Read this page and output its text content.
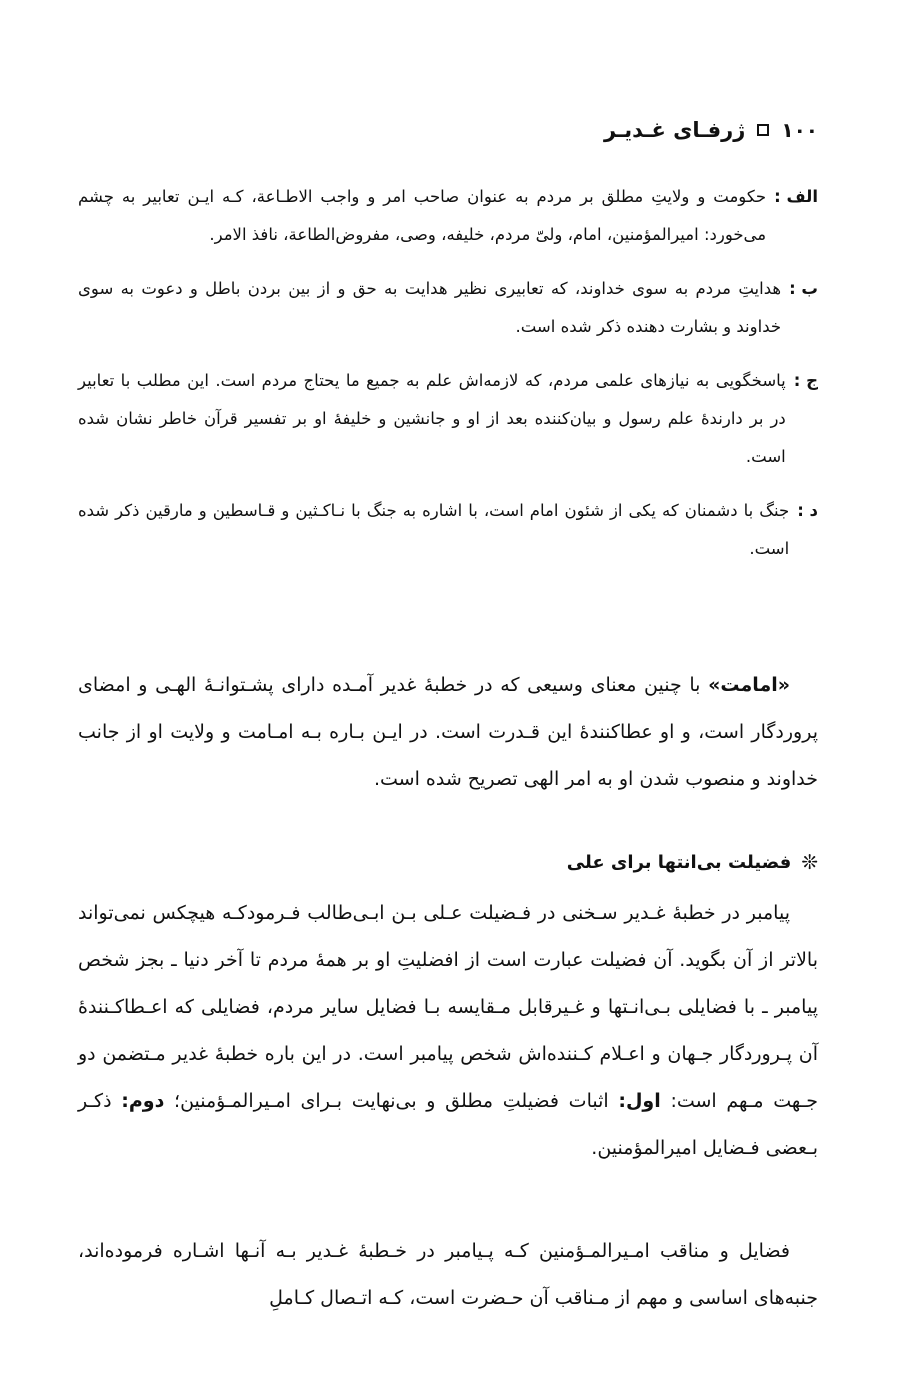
۱۰۰
ژرفـای غـدیـر
الف :
حکومت و ولایتِ مطلق بر مردم به عنوان صاحب امر و واجب الاطـاعة، کـه ایـن تعابیر به چشم می‌خورد: امیرالمؤمنین، امام، ولیّ مردم، خلیفه، وصی، مفروض‌الطاعة، نافذ الامر.
ب :
هدایتِ مردم به سوی خداوند، که تعابیری نظیر هدایت به حق و از بین بردن باطل و دعوت به سوی خداوند و بشارت دهنده ذکر شده است.
ج :
پاسخگویی به نیازهای علمی مردم، که لازمه‌اش علم به جمیع ما یحتاج مردم است. این مطلب با تعابیر در بر دارندهٔ علم رسول و بیان‌کننده بعد از او و جانشین و خلیفهٔ او بر تفسیر قرآن خاطر نشان شده است.
د :
جنگ با دشمنان که یکی از شئون امام است، با اشاره به جنگ با نـاکـثین و قـاسطین و مارقین ذکر شده است.

«امامت» با چنین معنای وسیعی که در خطبهٔ غدیر آمـده دارای پشـتوانـهٔ الهـی و امضای پروردگار است، و او عطاکنندهٔ این قـدرت است. در ایـن بـاره بـه امـامت و ولایت او از جانب خداوند و منصوب شدن او به امر الهی تصریح شده است.

❊
فضیلت بی‌انتها برای علی‌

پیامبر در خطبهٔ غـدیر سـخنی در فـضیلت عـلی بـن ابـی‌طالب فـرمودکـه هیچکس نمی‌تواند بالاتر از آن بگوید. آن فضیلت عبارت است از افضلیتِ او بر همهٔ مردم تا آخر دنیا ـ بجز شخص پیامبر ـ با فضایلی بـی‌انـتها و غـیرقابل مـقایسه بـا فضایل سایر مردم، فضایلی که اعـطاکـنندهٔ آن پـروردگار جـهان و اعـلام کـننده‌اش شخص پیامبر است. در این باره خطبهٔ غدیر مـتضمن دو جـهت مـهم است: اول: اثبات فضیلتِ مطلق و بی‌نهایت بـرای امـیرالمـؤمنین؛ دوم: ذکـر بـعضی فـضایل امیرالمؤمنین.

فضایل و مناقب امـیرالمـؤمنین کـه پـیامبر در خـطبهٔ غـدیر بـه آنـها اشـاره فرموده‌اند، جنبه‌های اساسی و مهم از مـناقب آن حـضرت است، کـه اتـصال کـاملِ
